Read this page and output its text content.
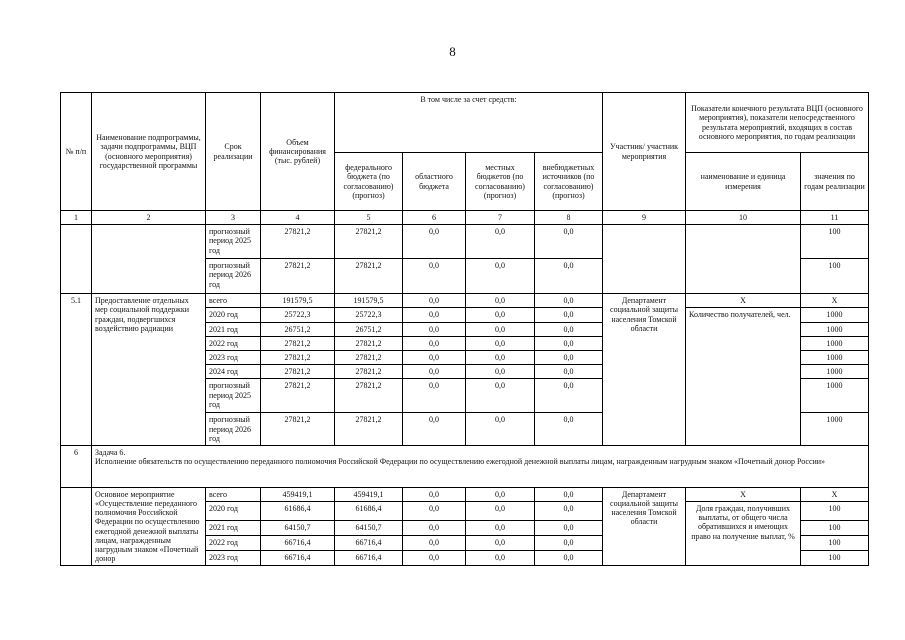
8
№ п/п	Наименование подпрограммы, задачи подпрограммы, ВЦП (основного мероприятия) государственной программы	Срок реализации	Объем финансирования (тыс. рублей)	В том числе за счет средств:				Участник/ участник мероприятия	Показатели конечного результата ВЦП (основного мероприятия), показатели непосредственного результата мероприятий, входящих в состав основного мероприятия, по годам реализации	
				федерального бюджета (по согласованию) (прогноз)	областного бюджета	местных бюджетов (по согласованию) (прогноз)	внебюджетных источников (по согласованию) (прогноз)		наименование и единица измерения	значения по годам реализации
1	2	3	4	5	6	7	8	9	10	11
		прогнозный период 2025 год	27821,2	27821,2	0,0	0,0	0,0			100
		прогнозный период 2026 год	27821,2	27821,2	0,0	0,0	0,0			100
5.1	Предоставление отдельных мер социальной поддержки граждан, подвергшихся воздействию радиации	всего	191579,5	191579,5	0,0	0,0	0,0	Департамент социальной защиты населения Томской области	Х	Х
		2020 год	25722,3	25722,3	0,0	0,0	0,0		Количество получателей, чел.	1000
		2021 год	26751,2	26751,2	0,0	0,0	0,0			1000
		2022 год	27821,2	27821,2	0,0	0,0	0,0			1000
		2023 год	27821,2	27821,2	0,0	0,0	0,0			1000
		2024 год	27821,2	27821,2	0,0	0,0	0,0			1000
		прогнозный период 2025 год	27821,2	27821,2	0,0	0,0	0,0			1000
		прогнозный период 2026 год	27821,2	27821,2	0,0	0,0	0,0			1000
6	Задача 6.
Исполнение обязательств по осуществлению переданного полномочия Российской Федерации по осуществлению ежегодной денежной выплаты лицам, награжденным нагрудным знаком «Почетный донор России»									

	Основное мероприятие «Осуществление переданного полномочия Российской Федерации по осуществлению ежегодной денежной выплаты лицам, награжденным нагрудным знаком «Почетный донор	всего	459419,1	459419,1	0,0	0,0	0,0	Департамент социальной защиты населения Томской области	Х	Х
		2020 год	61686,4	61686,4	0,0	0,0	0,0		Доля граждан, получивших выплаты, от общего числа обратившихся и имеющих право на получение выплат, %	100
		2021 год	64150,7	64150,7	0,0	0,0	0,0			100
		2022 год	66716,4	66716,4	0,0	0,0	0,0			100
		2023 год	66716,4	66716,4	0,0	0,0	0,0			100
